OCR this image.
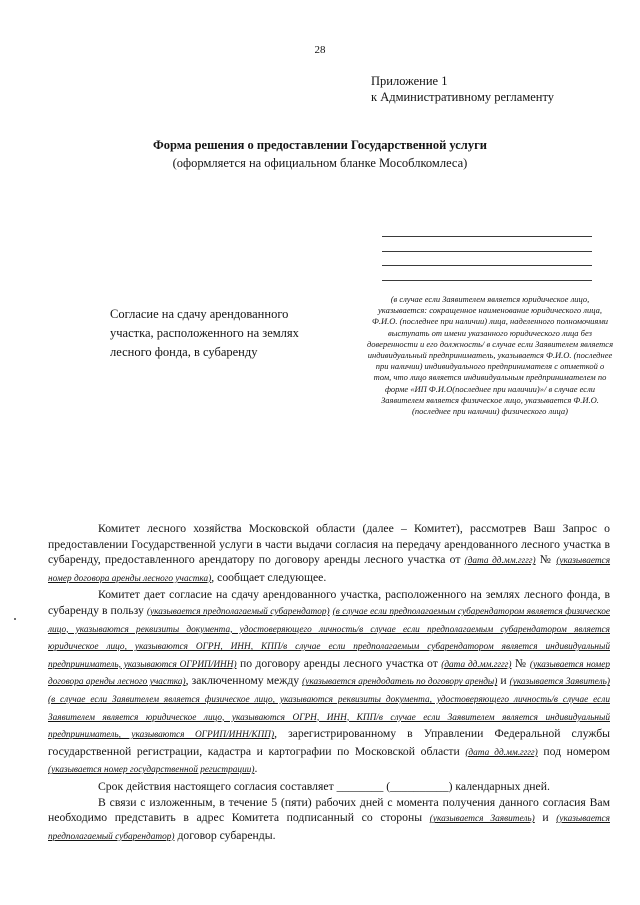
28
Приложение 1
к Административному регламенту
Форма решения о предоставлении Государственной услуги
(оформляется на официальном бланке Мособлкомлеса)
Согласие на сдачу арендованного участка, расположенного на землях лесного фонда, в субаренду
(в случае если Заявителем является юридическое лицо, указывается: сокращенное наименование юридического лица, Ф.И.О. (последнее при наличии) лица, наделенного полномочиями выступать от имени указанного юридического лица без доверенности и его должность/ в случае если Заявителем является индивидуальный предприниматель, указывается Ф.И.О. (последнее при наличии) индивидуального предпринимателя с отметкой о том, что лицо является индивидуальным предпринимателем по форме «ИП Ф.И.О(последнее при наличии)»/ в случае если Заявителем является физическое лицо, указывается Ф.И.О. (последнее при наличии) физического лица)

Комитет лесного хозяйства Московской области (далее – Комитет), рассмотрев Ваш Запрос о предоставлении Государственной услуги в части выдачи согласия на передачу арендованного лесного участка в субаренду, предоставленного арендатору по договору аренды лесного участка от (дата дд.мм.гггг) № (указывается номер договора аренды лесного участка), сообщает следующее.

Комитет дает согласие на сдачу арендованного участка, расположенного на землях лесного фонда, в субаренду в пользу (указывается предполагаемый субарендатор) (в случае если предполагаемым субарендатором является физическое лицо, указываются реквизиты документа, удостоверяющего личность/в случае если предполагаемым субарендатором является юридическое лицо, указываются ОГРН, ИНН, КПП/в случае если предполагаемым субарендатором является индивидуальный предприниматель, указываются ОГРИП/ИНН) по договору аренды лесного участка от (дата дд.мм.гггг) № (указывается номер договора аренды лесного участка), заключенному между (указывается арендодатель по договору аренды) и (указывается Заявитель) (в случае если Заявителем является физическое лицо, указываются реквизиты документа, удостоверяющего личность/в случае если Заявителем является юридическое лицо, указываются ОГРН, ИНН, КПП/в случае если Заявителем является индивидуальный предприниматель, указываются ОГРИП/ИНН/КПП), зарегистрированному в Управлении Федеральной службы государственной регистрации, кадастра и картографии по Московской области (дата дд.мм.гггг) под номером (указывается номер государственной регистрации).

Срок действия настоящего согласия составляет ________ (__________) календарных дней.

В связи с изложенным, в течение 5 (пяти) рабочих дней с момента получения данного согласия Вам необходимо представить в адрес Комитета подписанный со стороны (указывается Заявитель) и (указывается предполагаемый субарендатор) договор субаренды.
